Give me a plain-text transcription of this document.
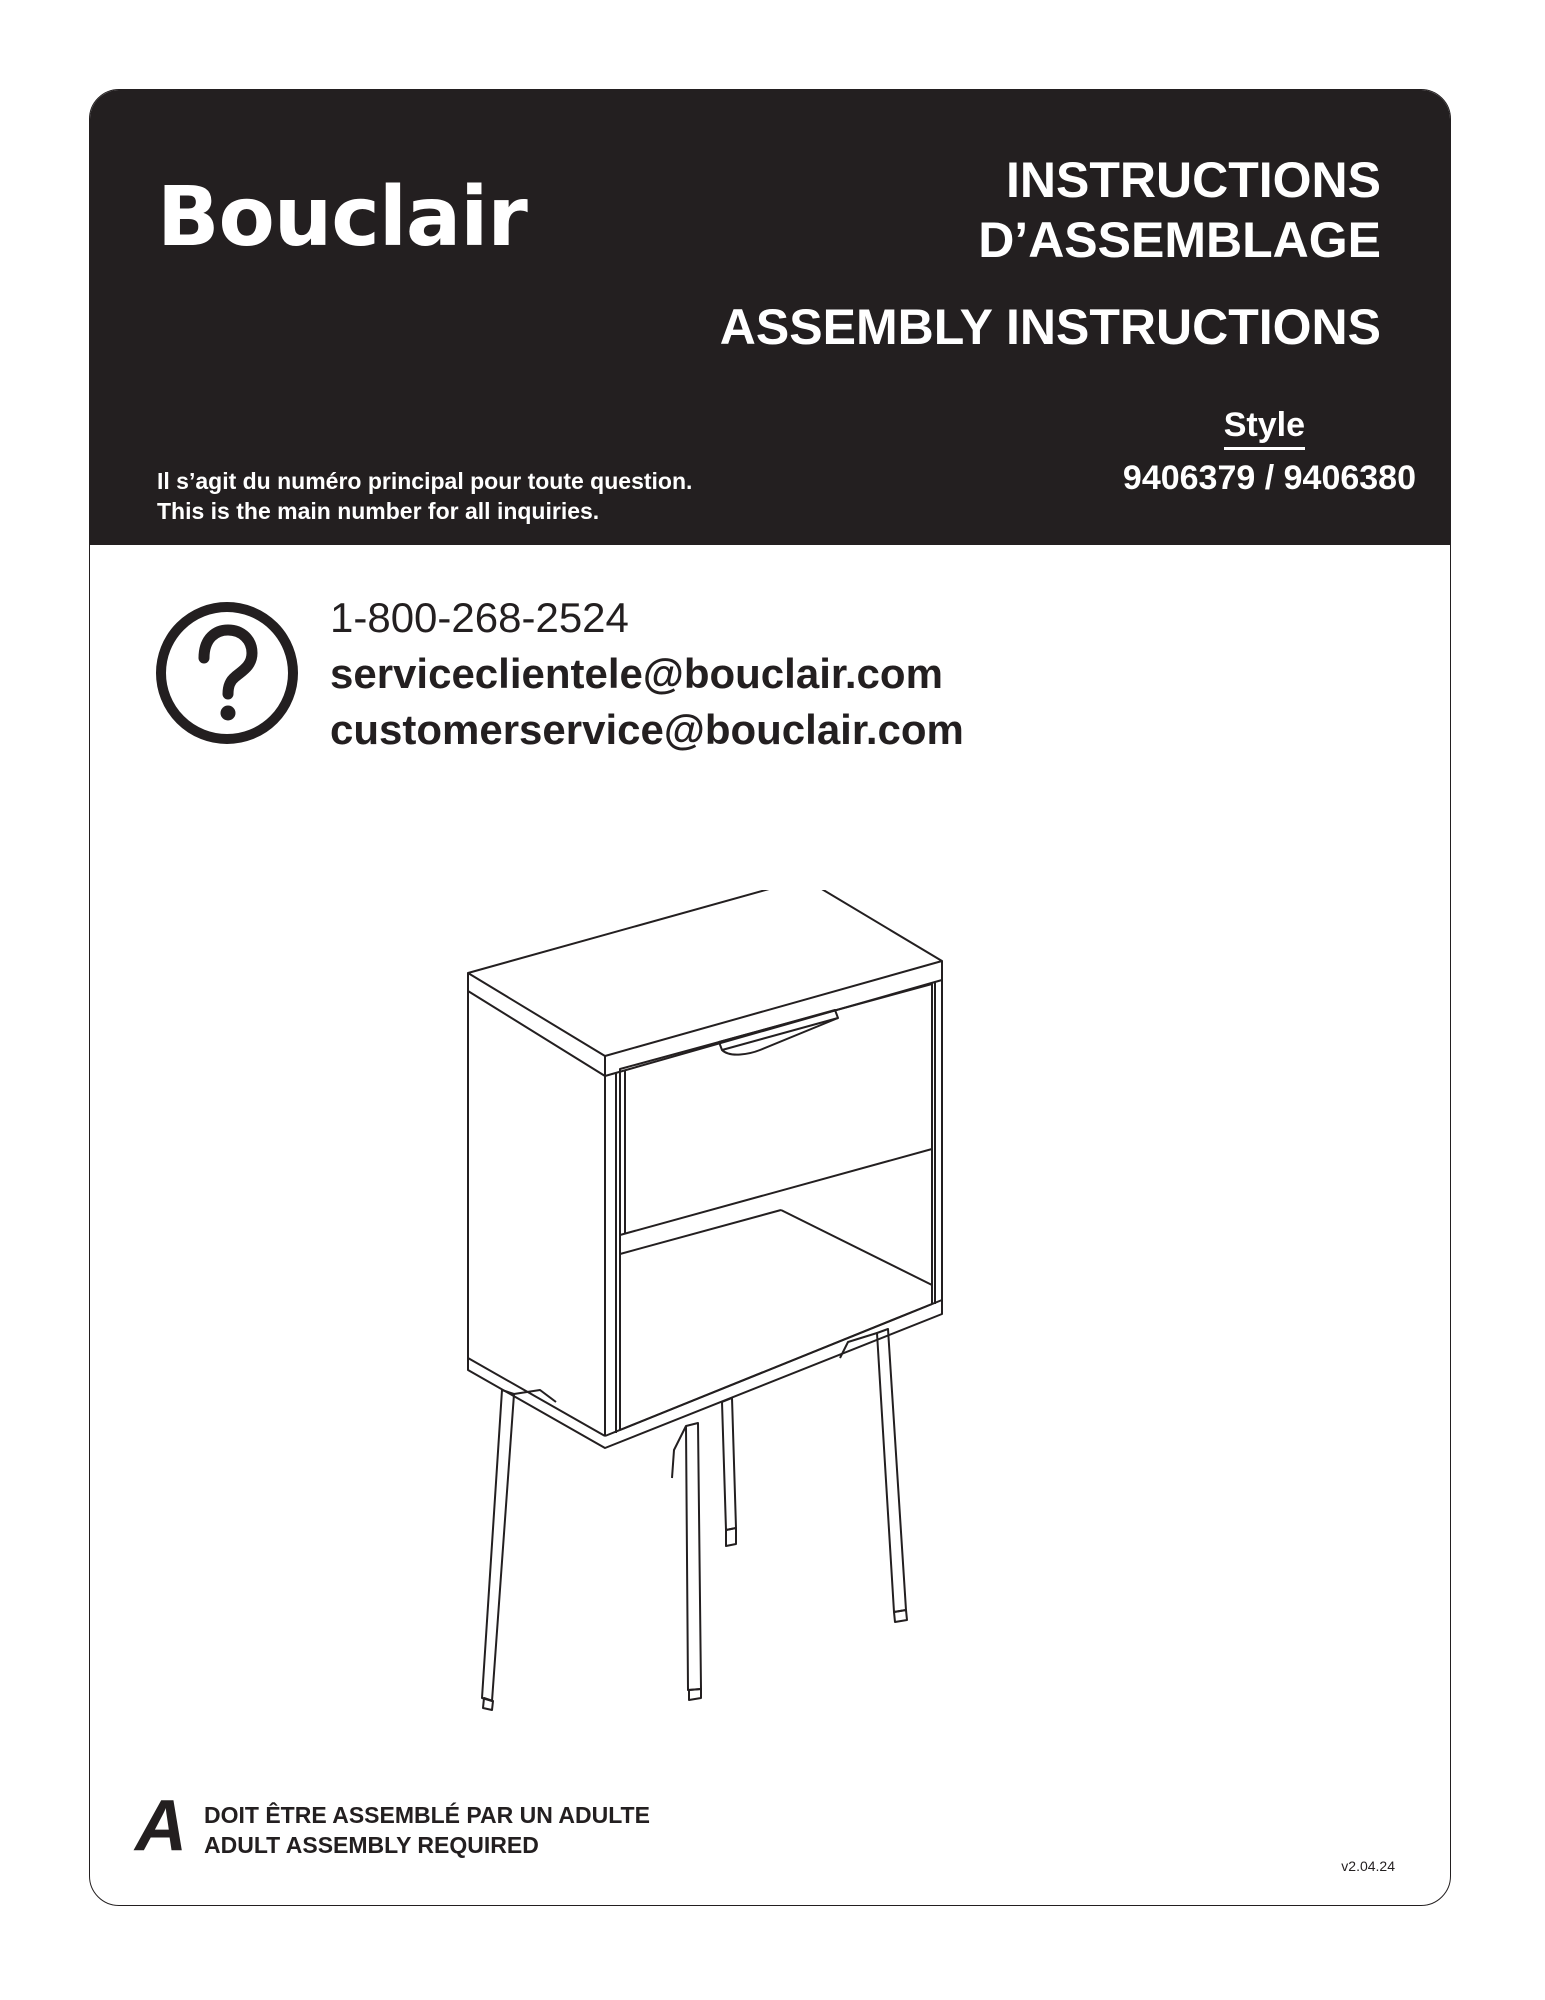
Bouclair	INSTRUCTIONS
D’ASSEMBLAGE
ASSEMBLY INSTRUCTIONS
Style
9406379 / 9406380
Il s’agit du numéro principal pour toute question.
This is the main number for all inquiries.
1-800-268-2524
serviceclientele@bouclair.com
customerservice@bouclair.com
A DOIT ÊTRE ASSEMBLÉ PAR UN ADULTE
ADULT ASSEMBLY REQUIRED
v2.04.24
